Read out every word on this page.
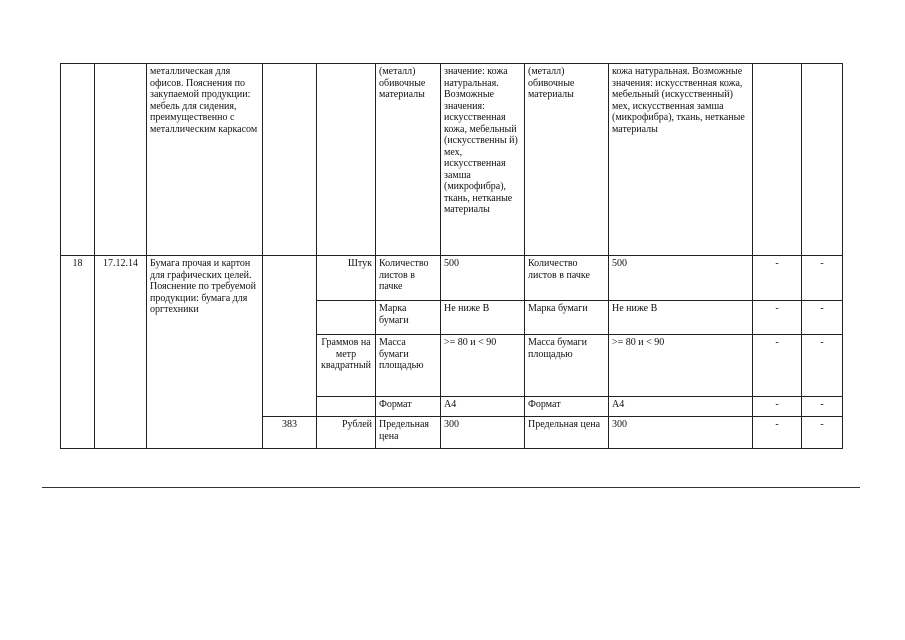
		металлическая для офисов. Пояснения по закупаемой продукции: мебель для сидения, преимущественно с металлическим каркасом			(металл) обивочные материалы	значение: кожа натуральная. Возможные значения: искусственная кожа, мебельный (искусственны й) мех, искусственная замша (микрофибра), ткань, нетканые материалы	(металл) обивочные материалы	кожа натуральная. Возможные значения: искусственная кожа, мебельный (искусственный) мех, искусственная замша (микрофибра), ткань, нетканые материалы		
18	17.12.14	Бумага прочая и картон для графических целей. Пояснение по требуемой продукции: бумага для оргтехники		Штук	Количество листов в пачке	500	Количество листов в пачке	500	-	-
					Марка бумаги	Не ниже B	Марка бумаги	Не ниже B	-	-
				Граммов на метр квадратный	Масса бумаги площадью	>= 80 и < 90	Масса бумаги площадью	>= 80 и < 90	-	-
					Формат	A4	Формат	A4	-	-
			383	Рублей	Предельная цена	300	Предельная цена	300	-	-
